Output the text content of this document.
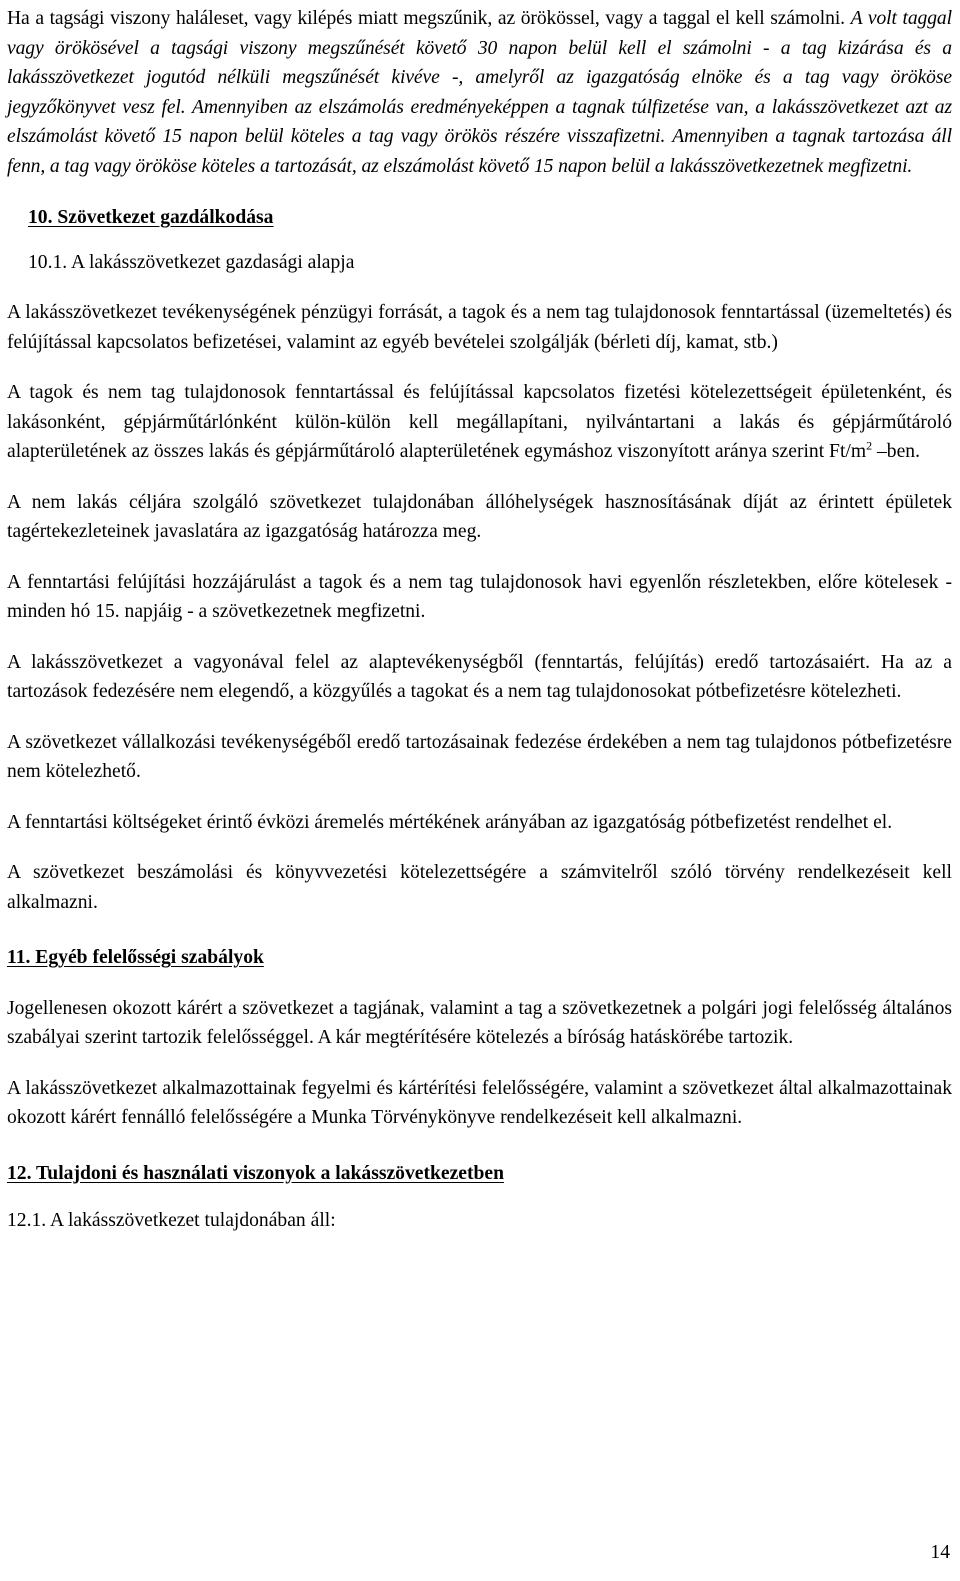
Ha a tagsági viszony haláleset, vagy kilépés miatt megszűnik, az örökössel, vagy a taggal el kell számolni. A volt taggal vagy örökösével a tagsági viszony megszűnését követő 30 napon belül kell el számolni - a tag kizárása és a lakásszövetkezet jogutód nélküli megszűnését kivéve -, amelyről az igazgatóság elnöke és a tag vagy örököse jegyzőkönyvet vesz fel. Amennyiben az elszámolás eredményeképpen a tagnak túlfizetése van, a lakásszövetkezet azt az elszámolást követő 15 napon belül köteles a tag vagy örökös részére visszafizetni. Amennyiben a tagnak tartozása áll fenn, a tag vagy örököse köteles a tartozását, az elszámolást követő 15 napon belül a lakásszövetkezetnek megfizetni.

10. Szövetkezet gazdálkodása

10.1. A lakásszövetkezet gazdasági alapja

A lakásszövetkezet tevékenységének pénzügyi forrását, a tagok és a nem tag tulajdonosok fenntartással (üzemeltetés) és felújítással kapcsolatos befizetései, valamint az egyéb bevételei szolgálják (bérleti díj, kamat, stb.)

A tagok és nem tag tulajdonosok fenntartással és felújítással kapcsolatos fizetési kötelezettségeit épületenként, és lakásonként, gépjárműtárlónként külön-külön kell megállapítani, nyilvántartani a lakás és gépjárműtároló alapterületének az összes lakás és gépjárműtároló alapterületének egymáshoz viszonyított aránya szerint $Ft/m^2$ –ben.

A nem lakás céljára szolgáló szövetkezet tulajdonában állóhelységek hasznosításának díját az érintett épületek tagértekezleteinek javaslatára az igazgatóság határozza meg.

A fenntartási felújítási hozzájárulást a tagok és a nem tag tulajdonosok havi egyenlőn részletekben, előre kötelesek - minden hó 15. napjáig - a szövetkezetnek megfizetni.

A lakásszövetkezet a vagyonával felel az alaptevékenységből (fenntartás, felújítás) eredő tartozásaiért. Ha az a tartozások fedezésére nem elegendő, a közgyűlés a tagokat és a nem tag tulajdonosokat pótbefizetésre kötelezheti.

A szövetkezet vállalkozási tevékenységéből eredő tartozásainak fedezése érdekében a nem tag tulajdonos pótbefizetésre nem kötelezhető.

A fenntartási költségeket érintő évközi áremelés mértékének arányában az igazgatóság pótbefizetést rendelhet el.

A szövetkezet beszámolási és könyvvezetési kötelezettségére a számvitelről szóló törvény rendelkezéseit kell alkalmazni.

11. Egyéb felelősségi szabályok

Jogellenesen okozott kárért a szövetkezet a tagjának, valamint a tag a szövetkezetnek a polgári jogi felelősség általános szabályai szerint tartozik felelősséggel. A kár megtérítésére kötelezés a bíróság hatáskörébe tartozik.

A lakásszövetkezet alkalmazottainak fegyelmi és kártérítési felelősségére, valamint a szövetkezet által alkalmazottainak okozott kárért fennálló felelősségére a Munka Törvénykönyve rendelkezéseit kell alkalmazni.

12. Tulajdoni és használati viszonyok a lakásszövetkezetben

12.1. A lakásszövetkezet tulajdonában áll:

14
